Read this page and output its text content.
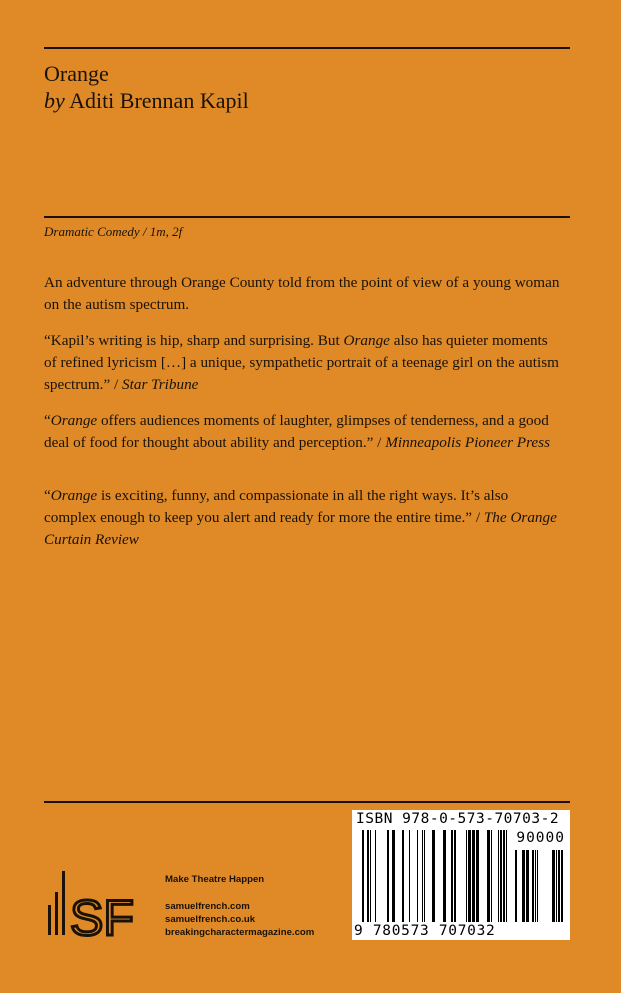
Orange
by Aditi Brennan Kapil
Dramatic Comedy / 1m, 2f
An adventure through Orange County told from the point of view of a young woman on the autism spectrum.
“Kapil’s writing is hip, sharp and surprising. But Orange also has quieter moments of refined lyricism […] a unique, sympathetic portrait of a teenage girl on the autism spectrum.” / Star Tribune
“Orange offers audiences moments of laughter, glimpses of tenderness, and a good deal of food for thought about ability and perception.” / Minneapolis Pioneer Press
“Orange is exciting, funny, and compassionate in all the right ways. It’s also complex enough to keep you alert and ready for more the entire time.” / The Orange Curtain Review
SF
Make Theatre Happen
samuelfrench.com
samuelfrench.co.uk
breakingcharactermagazine.com
ISBN 978-0-573-70703-2
90000
9 780573 707032
